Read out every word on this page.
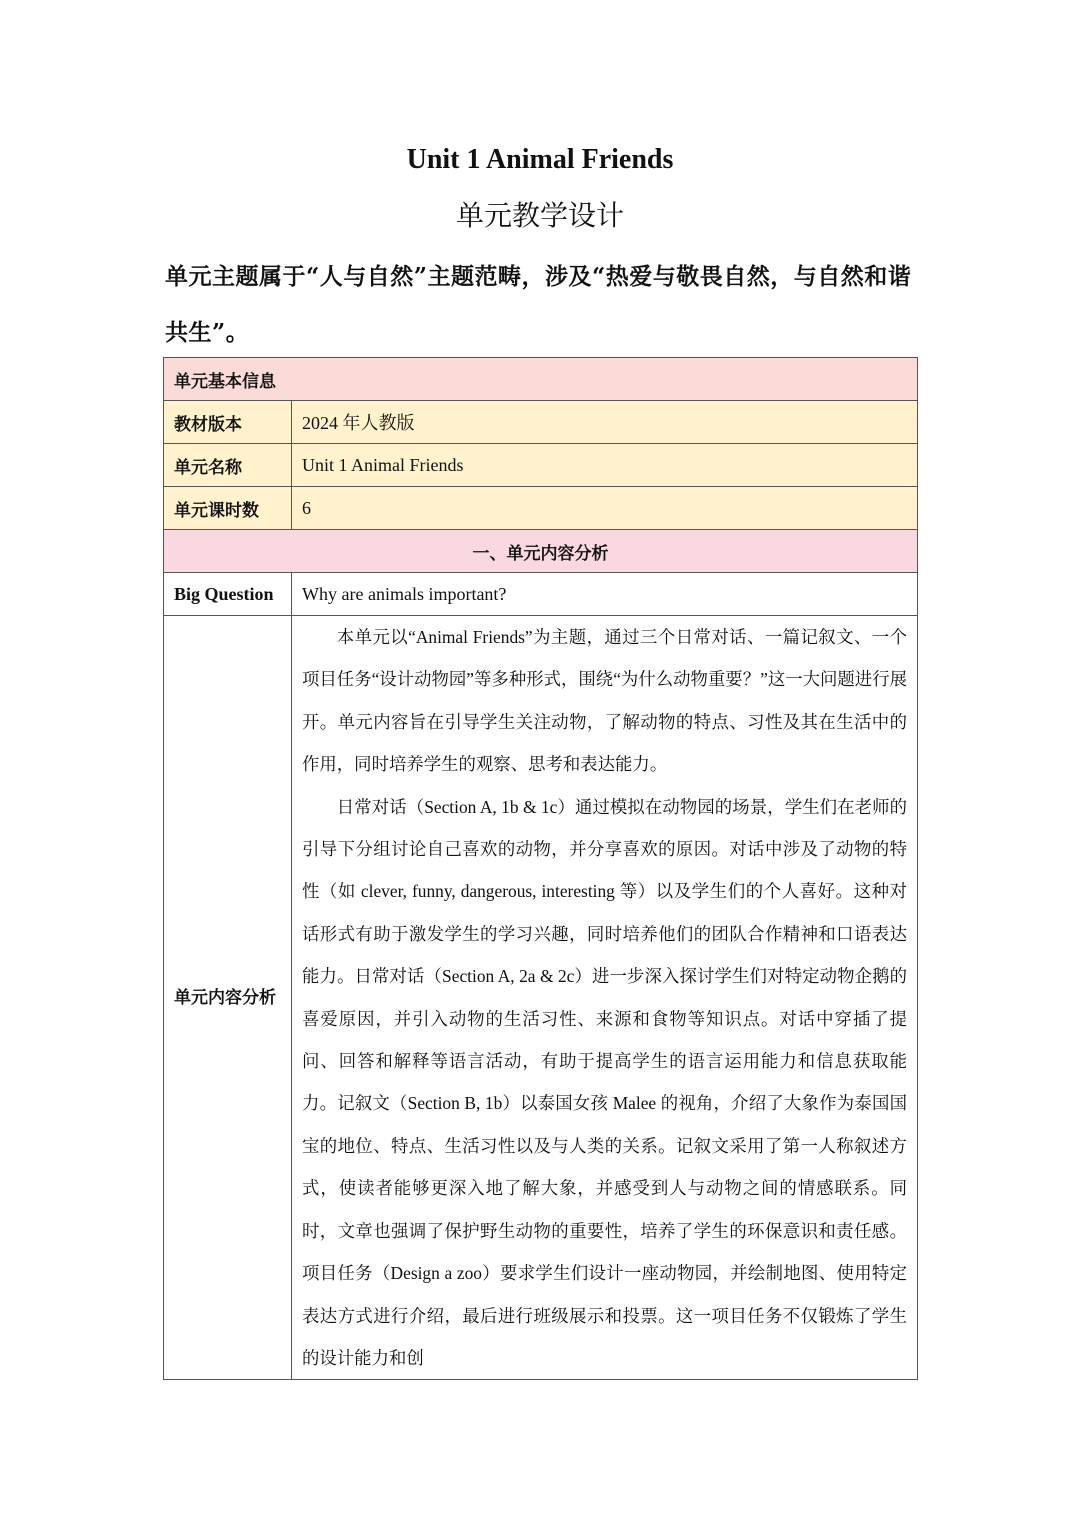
Unit 1 Animal Friends
单元教学设计
单元主题属于“人与自然”主题范畴，涉及“热爱与敬畏自然，与自然和谐共生”。
单元基本信息	
教材版本	2024 年人教版
单元名称	Unit 1 Animal Friends
单元课时数	6
一、单元内容分析	
Big Question	Why are animals important?
单元内容分析	本单元以“Animal Friends”为主题，通过三个日常对话、一篇记叙文、一个项目任务“设计动物园”等多种形式，围绕“为什么动物重要？”这一大问题进行展开。单元内容旨在引导学生关注动物，了解动物的特点、习性及其在生活中的作用，同时培养学生的观察、思考和表达能力。

日常对话（Section A, 1b & 1c）通过模拟在动物园的场景，学生们在老师的引导下分组讨论自己喜欢的动物，并分享喜欢的原因。对话中涉及了动物的特性（如 clever, funny, dangerous, interesting 等）以及学生们的个人喜好。这种对话形式有助于激发学生的学习兴趣，同时培养他们的团队合作精神和口语表达能力。日常对话（Section A, 2a & 2c）进一步深入探讨学生们对特定动物企鹅的喜爱原因，并引入动物的生活习性、来源和食物等知识点。对话中穿插了提问、回答和解释等语言活动，有助于提高学生的语言运用能力和信息获取能力。记叙文（Section B, 1b）以泰国女孩 Malee 的视角，介绍了大象作为泰国国宝的地位、特点、生活习性以及与人类的关系。记叙文采用了第一人称叙述方式，使读者能够更深入地了解大象，并感受到人与动物之间的情感联系。同时，文章也强调了保护野生动物的重要性，培养了学生的环保意识和责任感。项目任务（Design a zoo）要求学生们设计一座动物园，并绘制地图、使用特定表达方式进行介绍，最后进行班级展示和投票。这一项目任务不仅锻炼了学生的设计能力和创
